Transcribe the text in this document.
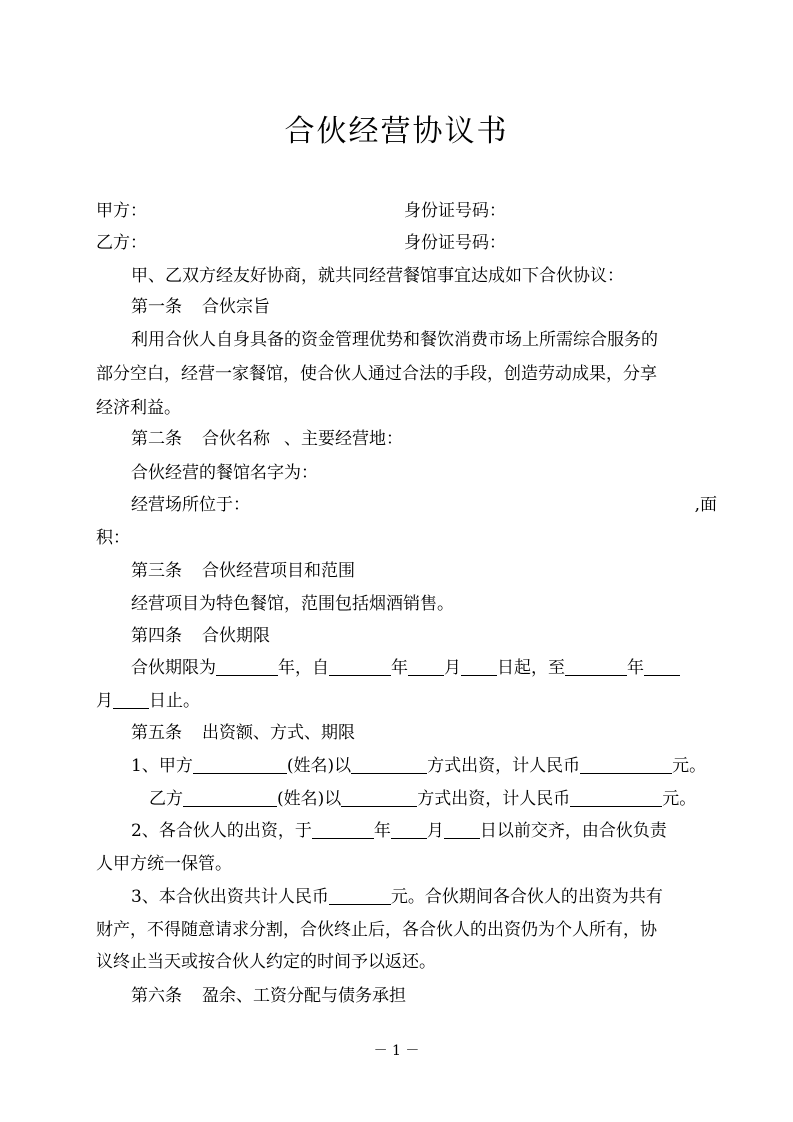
合伙经营协议书
甲方：	身份证号码：
乙方：	身份证号码：
甲、乙双方经友好协商，就共同经营餐馆事宜达成如下合伙协议：
第一条 合伙宗旨
利用合伙人自身具备的资金管理优势和餐饮消费市场上所需综合服务的
部分空白，经营一家餐馆，使合伙人通过合法的手段，创造劳动成果，分享
经济利益。
第二条 合伙名称 、主要经营地：
合伙经营的餐馆名字为：
经营场所位于：	,面
积：
第三条 合伙经营项目和范围
经营项目为特色餐馆，范围包括烟酒销售。
第四条 合伙期限
合伙期限为	年，自	年 月 日起，至	年
月 日止。
第五条 出资额、方式、期限
1、甲方	(姓名)以	方式出资，计人民币	元。
乙方	(姓名)以	方式出资，计人民币	元。
2、各合伙人的出资，于	年 月 日以前交齐，由合伙负责
人甲方统一保管。
3、本合伙出资共计人民币	元。合伙期间各合伙人的出资为共有
财产，不得随意请求分割，合伙终止后，各合伙人的出资仍为个人所有，协
议终止当天或按合伙人约定的时间予以返还。
第六条 盈余、工资分配与债务承担
－ 1 －
